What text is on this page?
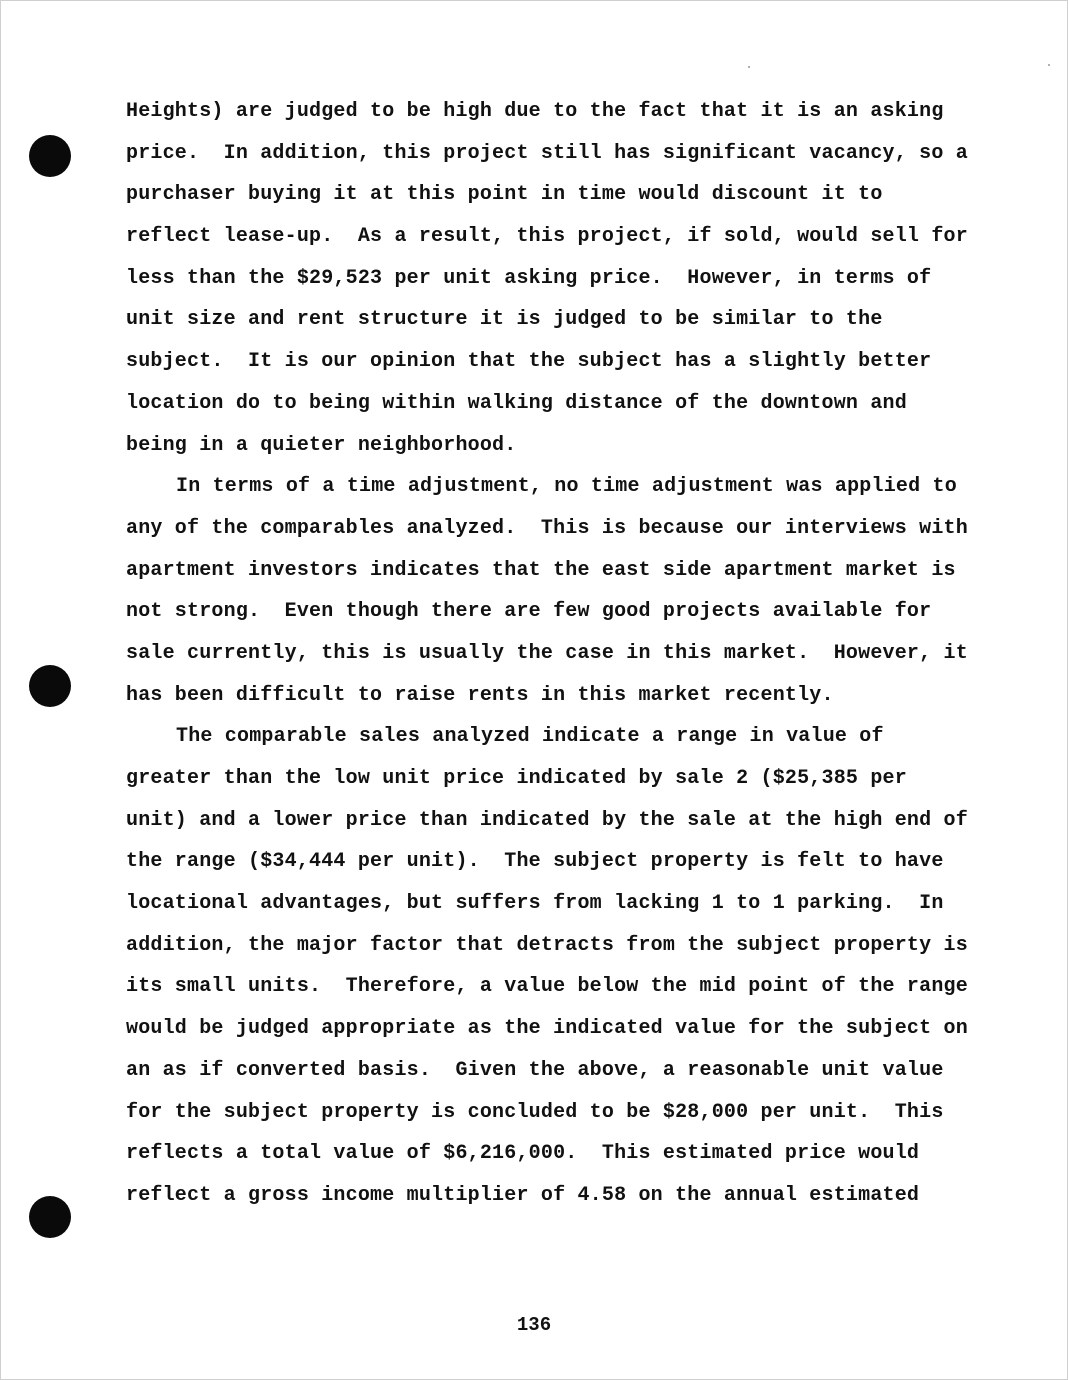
Heights) are judged to be high due to the fact that it is an asking
price.  In addition, this project still has significant vacancy, so a
purchaser buying it at this point in time would discount it to
reflect lease-up.  As a result, this project, if sold, would sell for
less than the $29,523 per unit asking price.  However, in terms of
unit size and rent structure it is judged to be similar to the
subject.  It is our opinion that the subject has a slightly better
location do to being within walking distance of the downtown and
being in a quieter neighborhood.
In terms of a time adjustment, no time adjustment was applied to
any of the comparables analyzed.  This is because our interviews with
apartment investors indicates that the east side apartment market is
not strong.  Even though there are few good projects available for
sale currently, this is usually the case in this market.  However, it
has been difficult to raise rents in this market recently.
The comparable sales analyzed indicate a range in value of
greater than the low unit price indicated by sale 2 ($25,385 per
unit) and a lower price than indicated by the sale at the high end of
the range ($34,444 per unit).  The subject property is felt to have
locational advantages, but suffers from lacking 1 to 1 parking.  In
addition, the major factor that detracts from the subject property is
its small units.  Therefore, a value below the mid point of the range
would be judged appropriate as the indicated value for the subject on
an as if converted basis.  Given the above, a reasonable unit value
for the subject property is concluded to be $28,000 per unit.  This
reflects a total value of $6,216,000.  This estimated price would
reflect a gross income multiplier of 4.58 on the annual estimated
136
